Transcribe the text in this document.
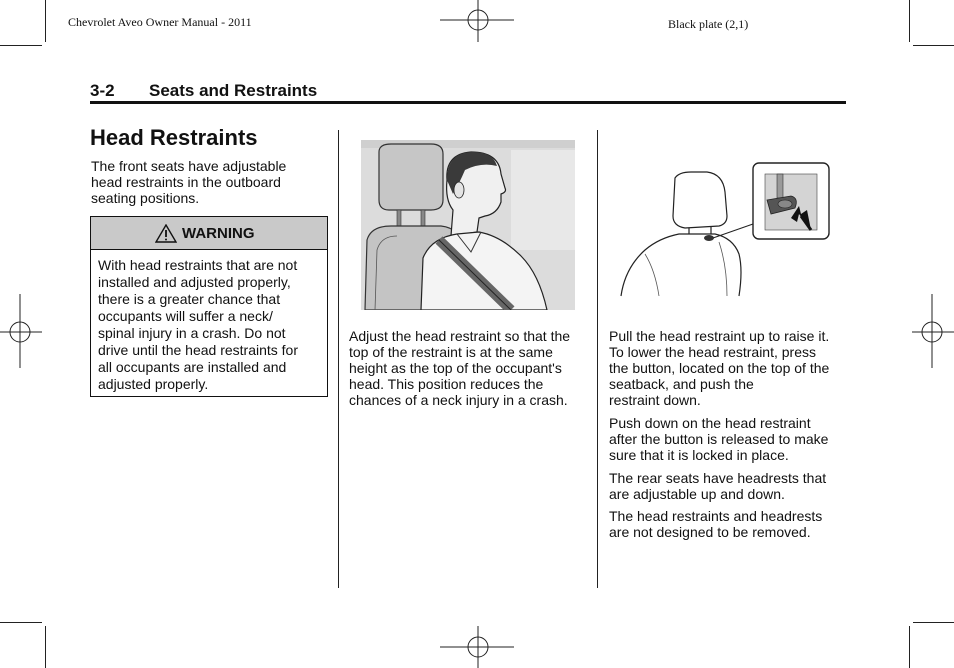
Chevrolet Aveo Owner Manual - 2011	Black plate (2,1)
3-2 Seats and Restraints
Head Restraints
The front seats have adjustable
head restraints in the outboard
seating positions.
WARNING
With head restraints that are not
installed and adjusted properly,
there is a greater chance that
occupants will suffer a neck/
spinal injury in a crash. Do not
drive until the head restraints for
all occupants are installed and
adjusted properly.
Adjust the head restraint so that the
top of the restraint is at the same
height as the top of the occupant's
head. This position reduces the
chances of a neck injury in a crash.
Pull the head restraint up to raise it.
To lower the head restraint, press
the button, located on the top of the
seatback, and push the
restraint down.
Push down on the head restraint
after the button is released to make
sure that it is locked in place.
The rear seats have headrests that
are adjustable up and down.
The head restraints and headrests
are not designed to be removed.
